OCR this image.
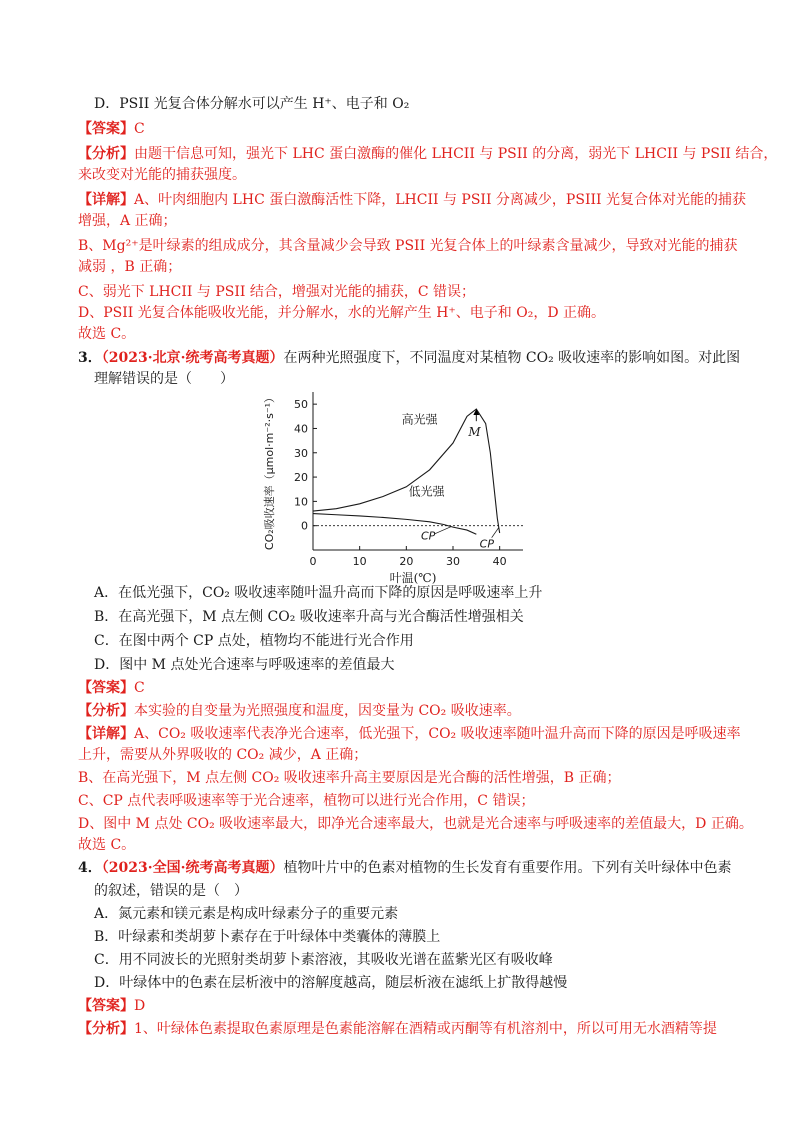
D．PSII 光复合体分解水可以产生 H⁺、电子和 O₂
【答案】C
【分析】由题干信息可知，强光下 LHC 蛋白激酶的催化 LHCII 与 PSII 的分离，弱光下 LHCII 与 PSII 结合，
来改变对光能的捕获强度。
【详解】A、叶肉细胞内 LHC 蛋白激酶活性下降，LHCII 与 PSII 分离减少，PSIII 光复合体对光能的捕获
增强，A 正确；
B、Mg²⁺是叶绿素的组成成分，其含量减少会导致 PSII 光复合体上的叶绿素含量减少，导致对光能的捕获
减弱 ，B 正确；
C、弱光下 LHCII 与 PSII 结合，增强对光能的捕获，C 错误；
D、PSII 光复合体能吸收光能，并分解水，水的光解产生 H⁺、电子和 O₂，D 正确。
故选 C。
3．（2023·北京·统考高考真题）在两种光照强度下，不同温度对某植物 CO₂ 吸收速率的影响如图。对此图
理解错误的是（　　）
0
10
20
30
40
50
0	10	20	30	40
叶温(℃)
CO₂吸收速率（μmol·m⁻²·s⁻¹）	高光强
低光强
M
CP
CP
A．在低光强下，CO₂ 吸收速率随叶温升高而下降的原因是呼吸速率上升
B．在高光强下，M 点左侧 CO₂ 吸收速率升高与光合酶活性增强相关
C．在图中两个 CP 点处，植物均不能进行光合作用
D．图中 M 点处光合速率与呼吸速率的差值最大
【答案】C
【分析】本实验的自变量为光照强度和温度，因变量为 CO₂ 吸收速率。
【详解】A、CO₂ 吸收速率代表净光合速率，低光强下，CO₂ 吸收速率随叶温升高而下降的原因是呼吸速率
上升，需要从外界吸收的 CO₂ 减少，A 正确；
B、在高光强下，M 点左侧 CO₂ 吸收速率升高主要原因是光合酶的活性增强，B 正确；
C、CP 点代表呼吸速率等于光合速率，植物可以进行光合作用，C 错误；
D、图中 M 点处 CO₂ 吸收速率最大，即净光合速率最大，也就是光合速率与呼吸速率的差值最大，D 正确。
故选 C。
4．（2023·全国·统考高考真题）植物叶片中的色素对植物的生长发育有重要作用。下列有关叶绿体中色素
的叙述，错误的是（　）
A．氮元素和镁元素是构成叶绿素分子的重要元素
B．叶绿素和类胡萝卜素存在于叶绿体中类囊体的薄膜上
C．用不同波长的光照射类胡萝卜素溶液，其吸收光谱在蓝紫光区有吸收峰
D．叶绿体中的色素在层析液中的溶解度越高，随层析液在滤纸上扩散得越慢
【答案】D
【分析】1、叶绿体色素提取色素原理是色素能溶解在酒精或丙酮等有机溶剂中，所以可用无水酒精等提
